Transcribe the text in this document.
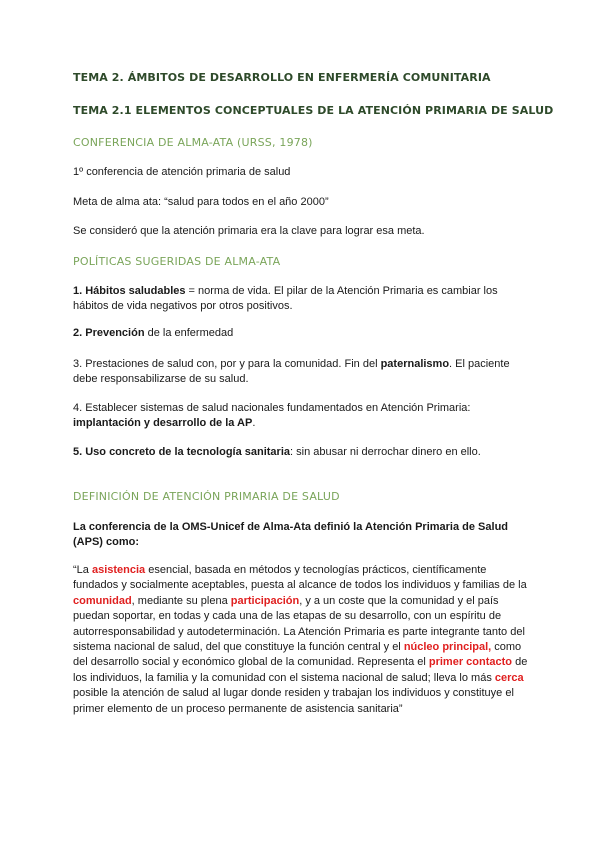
TEMA 2. ÁMBITOS DE DESARROLLO EN ENFERMERÍA COMUNITARIA
TEMA 2.1 ELEMENTOS CONCEPTUALES DE LA ATENCIÓN PRIMARIA DE SALUD
CONFERENCIA DE ALMA-ATA (URSS, 1978)
1º conferencia de atención primaria de salud
Meta de alma ata: “salud para todos en el año 2000”
Se consideró que la atención primaria era la clave para lograr esa meta.
POLÍTICAS SUGERIDAS DE ALMA-ATA
1. Hábitos saludables = norma de vida. El pilar de la Atención Primaria es cambiar los hábitos de vida negativos por otros positivos.
2. Prevención de la enfermedad
3. Prestaciones de salud con, por y para la comunidad. Fin del paternalismo. El paciente debe responsabilizarse de su salud.
4. Establecer sistemas de salud nacionales fundamentados en Atención Primaria: implantación y desarrollo de la AP.
5. Uso concreto de la tecnología sanitaria: sin abusar ni derrochar dinero en ello.
DEFINICIÓN DE ATENCIÓN PRIMARIA DE SALUD
La conferencia de la OMS-Unicef de Alma-Ata definió la Atención Primaria de Salud (APS) como:
“La asistencia esencial, basada en métodos y tecnologías prácticos, científicamente fundados y socialmente aceptables, puesta al alcance de todos los individuos y familias de la comunidad, mediante su plena participación, y a un coste que la comunidad y el país puedan soportar, en todas y cada una de las etapas de su desarrollo, con un espíritu de autorresponsabilidad y autodeterminación. La Atención Primaria es parte integrante tanto del sistema nacional de salud, del que constituye la función central y el núcleo principal, como del desarrollo social y económico global de la comunidad. Representa el primer contacto de los individuos, la familia y la comunidad con el sistema nacional de salud; lleva lo más cerca posible la atención de salud al lugar donde residen y trabajan los individuos y constituye el primer elemento de un proceso permanente de asistencia sanitaria”
